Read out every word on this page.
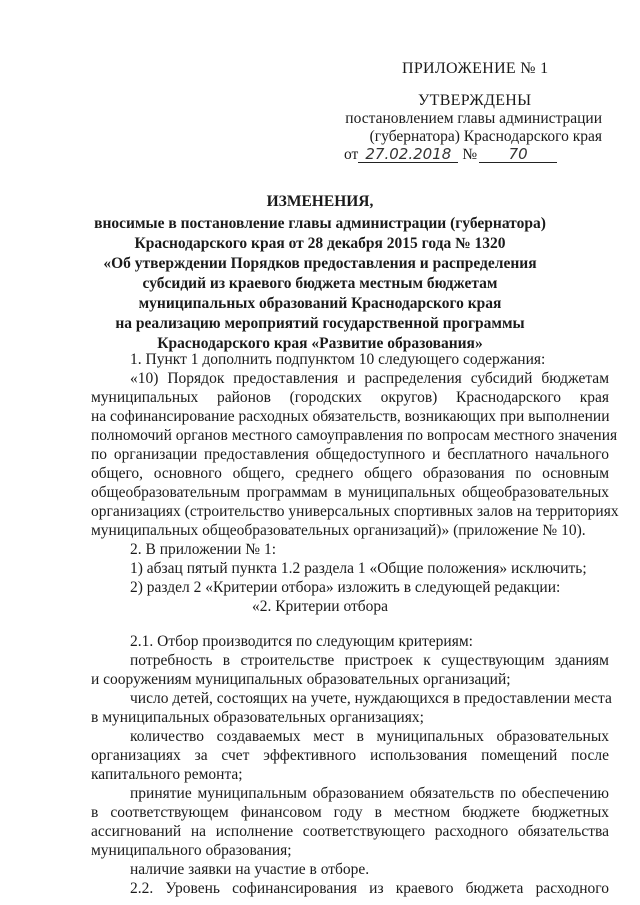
ПРИЛОЖЕНИЕ № 1
УТВЕРЖДЕНЫ
постановлением главы администрации
(губернатора) Краснодарского края
от 27.02.2018 № 70
ИЗМЕНЕНИЯ,
вносимые в постановление главы администрации (губернатора)
Краснодарского края от 28 декабря 2015 года № 1320
«Об утверждении Порядков предоставления и распределения
субсидий из краевого бюджета местным бюджетам
муниципальных образований Краснодарского края
на реализацию мероприятий государственной программы
Краснодарского края «Развитие образования»
1. Пункт 1 дополнить подпунктом 10 следующего содержания:
«10) Порядок предоставления и распределения субсидий бюджетам
муниципальных районов (городских округов) Краснодарского края
на софинансирование расходных обязательств, возникающих при выполнении
полномочий органов местного самоуправления по вопросам местного значения
по организации предоставления общедоступного и бесплатного начального
общего, основного общего, среднего общего образования по основным
общеобразовательным программам в муниципальных общеобразовательных
организациях (строительство универсальных спортивных залов на территориях
муниципальных общеобразовательных организаций)» (приложение № 10).
2. В приложении № 1:
1) абзац пятый пункта 1.2 раздела 1 «Общие положения» исключить;
2) раздел 2 «Критерии отбора» изложить в следующей редакции:
«2. Критерии отбора
2.1. Отбор производится по следующим критериям:
потребность в строительстве пристроек к существующим зданиям
и сооружениям муниципальных образовательных организаций;
число детей, состоящих на учете, нуждающихся в предоставлении места
в муниципальных образовательных организациях;
количество создаваемых мест в муниципальных образовательных
организациях за счет эффективного использования помещений после
капитального ремонта;
принятие муниципальным образованием обязательств по обеспечению
в соответствующем финансовом году в местном бюджете бюджетных
ассигнований на исполнение соответствующего расходного обязательства
муниципального образования;
наличие заявки на участие в отборе.
2.2. Уровень софинансирования из краевого бюджета расходного
